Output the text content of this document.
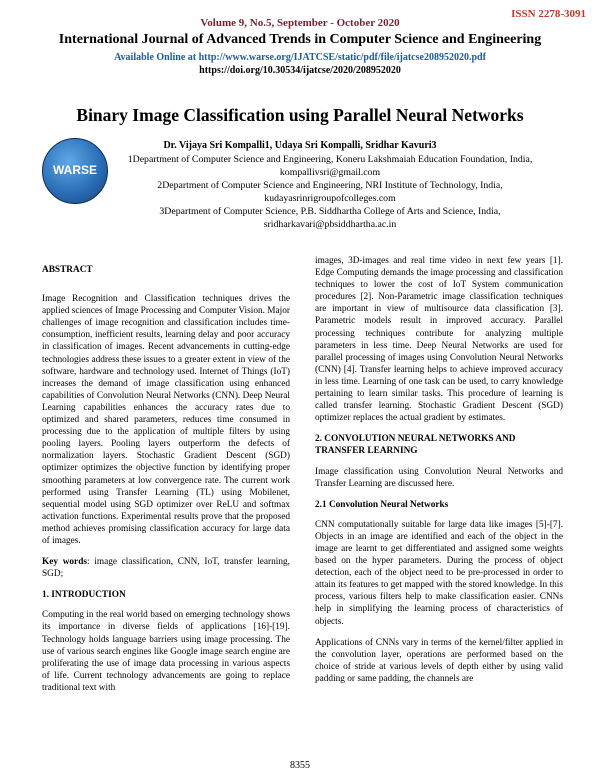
ISSN 2278-3091
Volume 9, No.5, September - October 2020
International Journal of Advanced Trends in Computer Science and Engineering
Available Online at http://www.warse.org/IJATCSE/static/pdf/file/ijatcse208952020.pdf
https://doi.org/10.30534/ijatcse/2020/208952020
Binary Image Classification using Parallel Neural Networks
WARSE
Dr. Vijaya Sri Kompalli1, Udaya Sri Kompalli, Sridhar Kavuri3
1Department of Computer Science and Engineering, Koneru Lakshmaiah Education Foundation, India,
kompallivsri@gmail.com
2Department of Computer Science and Engineering, NRI Institute of Technology, India,
kudayasrinrigroupofcolleges.com
3Department of Computer Science, P.B. Siddhartha College of Arts and Science, India,
sridharkavari@pbsiddhartha.ac.in
ABSTRACT

Image Recognition and Classification techniques drives the applied sciences of Image Processing and Computer Vision. Major challenges of image recognition and classification includes time-consumption, inefficient results, learning delay and poor accuracy in classification of images. Recent advancements in cutting-edge technologies address these issues to a greater extent in view of the software, hardware and technology used. Internet of Things (IoT) increases the demand of image classification using enhanced capabilities of Convolution Neural Networks (CNN). Deep Neural Learning capabilities enhances the accuracy rates due to optimized and shared parameters, reduces time consumed in processing due to the application of multiple filters by using pooling layers. Pooling layers outperform the defects of normalization layers. Stochastic Gradient Descent (SGD) optimizer optimizes the objective function by identifying proper smoothing parameters at low convergence rate. The current work performed using Transfer Learning (TL) using Mobilenet, sequential model using SGD optimizer over ReLU and softmax activation functions. Experimental results prove that the proposed method achieves promising classification accuracy for large data of images.

Key words: image classification, CNN, IoT, transfer learning, SGD;

1. INTRODUCTION

Computing in the real world based on emerging technology shows its importance in diverse fields of applications [16]-[19]. Technology holds language barriers using image processing. The use of various search engines like Google image search engine are proliferating the use of image data processing in various aspects of life. Current technology advancements are going to replace traditional text with

images, 3D-images and real time video in next few years [1]. Edge Computing demands the image processing and classification techniques to lower the cost of IoT System communication procedures [2]. Non-Parametric image classification techniques are important in view of multisource data classification [3]. Parametric models result in improved accuracy. Parallel processing techniques contribute for analyzing multiple parameters in less time. Deep Neural Networks are used for parallel processing of images using Convolution Neural Networks (CNN) [4]. Transfer learning helps to achieve improved accuracy in less time. Learning of one task can be used, to carry knowledge pertaining to learn similar tasks. This procedure of learning is called transfer learning. Stochastic Gradient Descent (SGD) optimizer replaces the actual gradient by estimates.

2. CONVOLUTION NEURAL NETWORKS AND TRANSFER LEARNING

Image classification using Convolution Neural Networks and Transfer Learning are discussed here.

2.1 Convolution Neural Networks

CNN computationally suitable for large data like images [5]-[7]. Objects in an image are identified and each of the object in the image are learnt to get differentiated and assigned some weights based on the hyper parameters. During the process of object detection, each of the object need to be pre-processed in order to attain its features to get mapped with the stored knowledge. In this process, various filters help to make classification easier. CNNs help in simplifying the learning process of characteristics of objects.

Applications of CNNs vary in terms of the kernel/filter applied in the convolution layer, operations are performed based on the choice of stride at various levels of depth either by using valid padding or same padding, the channels are

8355
